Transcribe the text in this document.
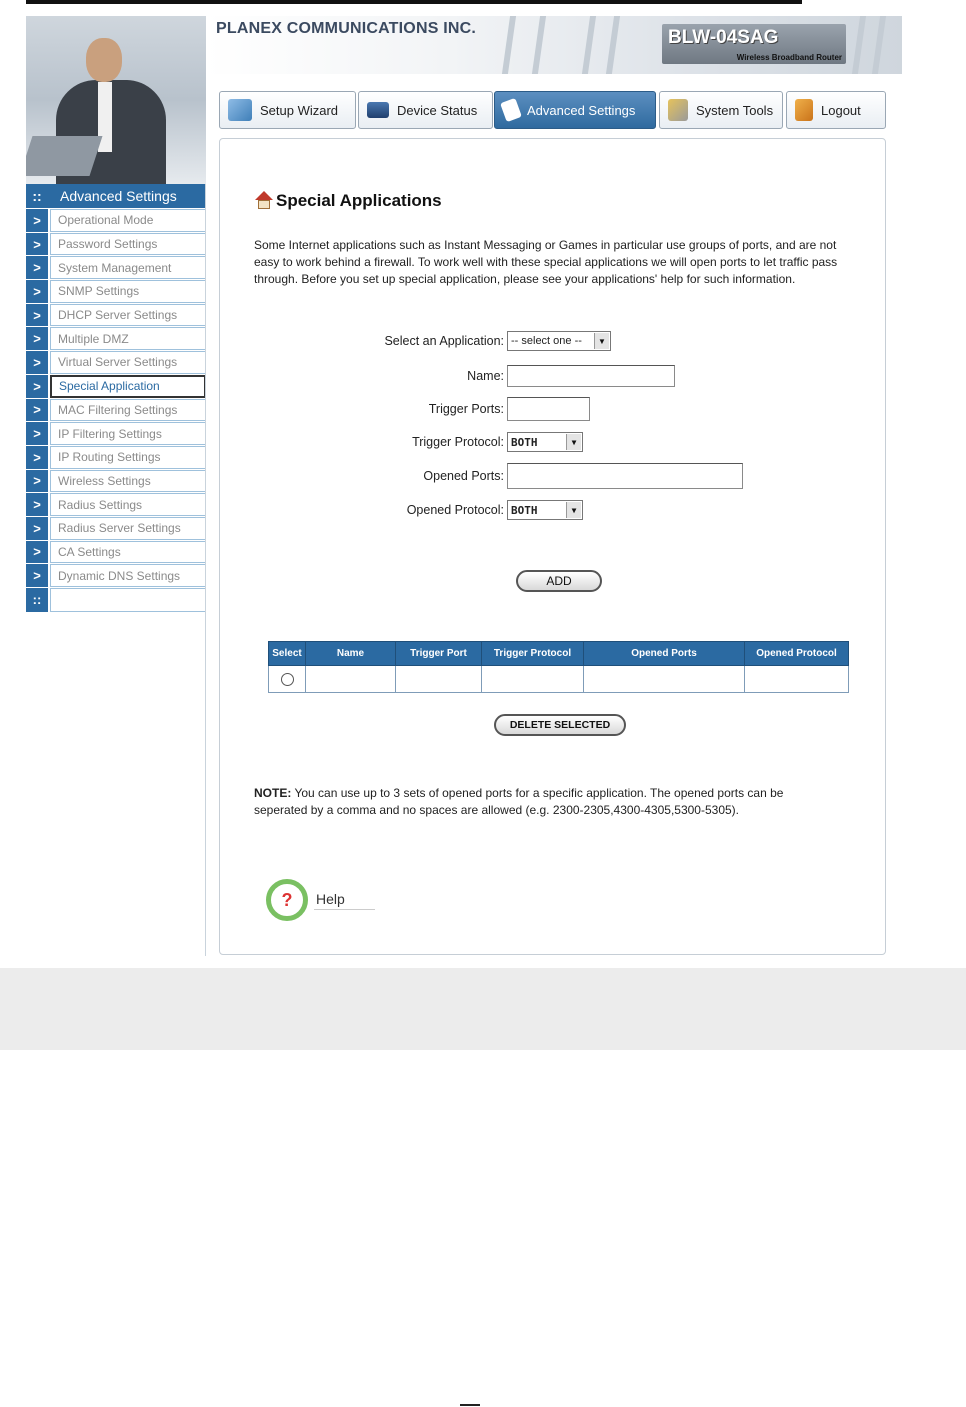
PLANEX COMMUNICATIONS INC.	BLW-04SAG
Wireless Broadband Router
Setup Wizard	Device Status	Advanced Settings	System Tools	Logout
::	Advanced Settings
>	Operational Mode
>	Password Settings
>	System Management
>	SNMP Settings
>	DHCP Server Settings
>	Multiple DMZ
>	Virtual Server Settings
>	Special Application
>	MAC Filtering Settings
>	IP Filtering Settings
>	IP Routing Settings
>	Wireless Settings
>	Radius Settings
>	Radius Server Settings
>	CA Settings
>	Dynamic DNS Settings
::
Special Applications
Some Internet applications such as Instant Messaging or Games in particular use groups of ports, and are not easy to work behind a firewall. To work well with these special applications we will open ports to let traffic pass through. Before you set up special application, please see your applications' help for such information.
Select an Application: -- select one --	▼
Name:
Trigger Ports:
Trigger Protocol: BOTH	▼
Opened Ports:
Opened Protocol: BOTH	▼
ADD
Select	Name	Trigger Port	Trigger Protocol	Opened Ports	Opened Protocol

DELETE SELECTED
NOTE: You can use up to 3 sets of opened ports for a specific application. The opened ports can be seperated by a comma and no spaces are allowed (e.g. 2300-2305,4300-4305,5300-5305).
?	Help
